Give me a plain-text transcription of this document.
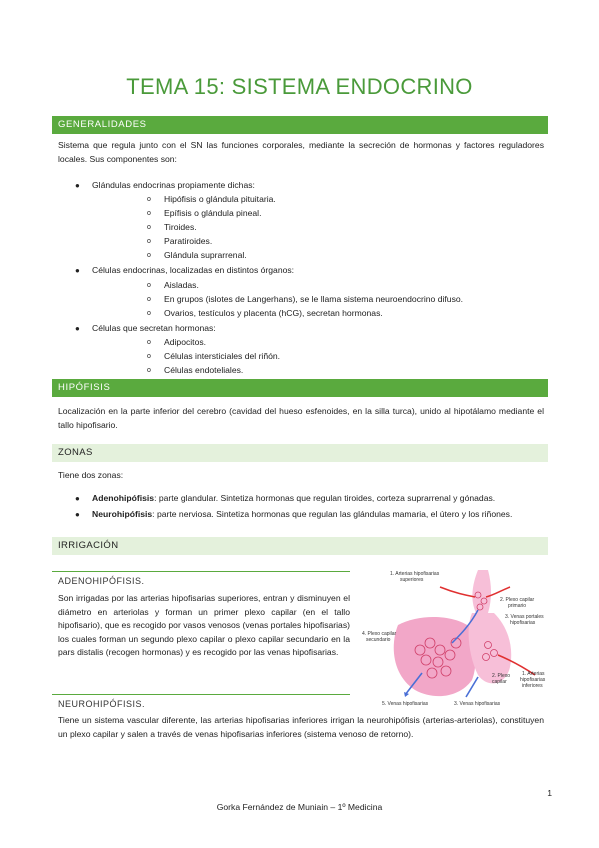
TEMA 15: SISTEMA ENDOCRINO
GENERALIDADES
Sistema que regula junto con el SN las funciones corporales, mediante la secreción de hormonas y factores reguladores locales. Sus componentes son:
● Glándulas endocrinas propiamente dichas:
o Hipófisis o glándula pituitaria.
o Epífisis o glándula pineal.
o Tiroides.
o Paratiroides.
o Glándula suprarrenal.
● Células endocrinas, localizadas en distintos órganos:
o Aisladas.
o En grupos (islotes de Langerhans), se le llama sistema neuroendocrino difuso.
o Ovarios, testículos y placenta (hCG), secretan hormonas.
● Células que secretan hormonas:
o Adipocitos.
o Células intersticiales del riñón.
o Células endoteliales.
HIPÓFISIS
Localización en la parte inferior del cerebro (cavidad del hueso esfenoides, en la silla turca), unido al hipotálamo mediante el tallo hipofisario.
ZONAS
Tiene dos zonas:
● Adenohipófisis: parte glandular. Sintetiza hormonas que regulan tiroides, corteza suprarrenal y gónadas.
● Neurohipófisis: parte nerviosa. Sintetiza hormonas que regulan las glándulas mamaria, el útero y los riñones.
IRRIGACIÓN
ADENOHIPÓFISIS.
Son irrigadas por las arterias hipofisarias superiores, entran y disminuyen el diámetro en arteriolas y forman un primer plexo capilar (en el tallo hipofisario), que es recogido por vasos venosos (venas portales hipofisarias) los cuales forman un segundo plexo capilar o plexo capilar secundario en la pars distalis (recogen hormonas) y es recogido por las venas hipofisarias.
NEUROHIPÓFISIS.
Tiene un sistema vascular diferente, las arterias hipofisarias inferiores irrigan la neurohipófisis (arterias-arteriolas), constituyen un plexo capilar y salen a través de venas hipofisarias inferiores (sistema venoso de retorno).
1. Arterias hipofisarias
superiores
2. Plexo capilar
primario
3. Venas portales
hipofisarias
4. Plexo capilar
secundario
5. Venas hipofisarias	3. Venas hipofisarias
2. Plexo
capilar
1. Arterias
hipofisarias
inferiores
1
Gorka Fernández de Muniain – 1º Medicina
